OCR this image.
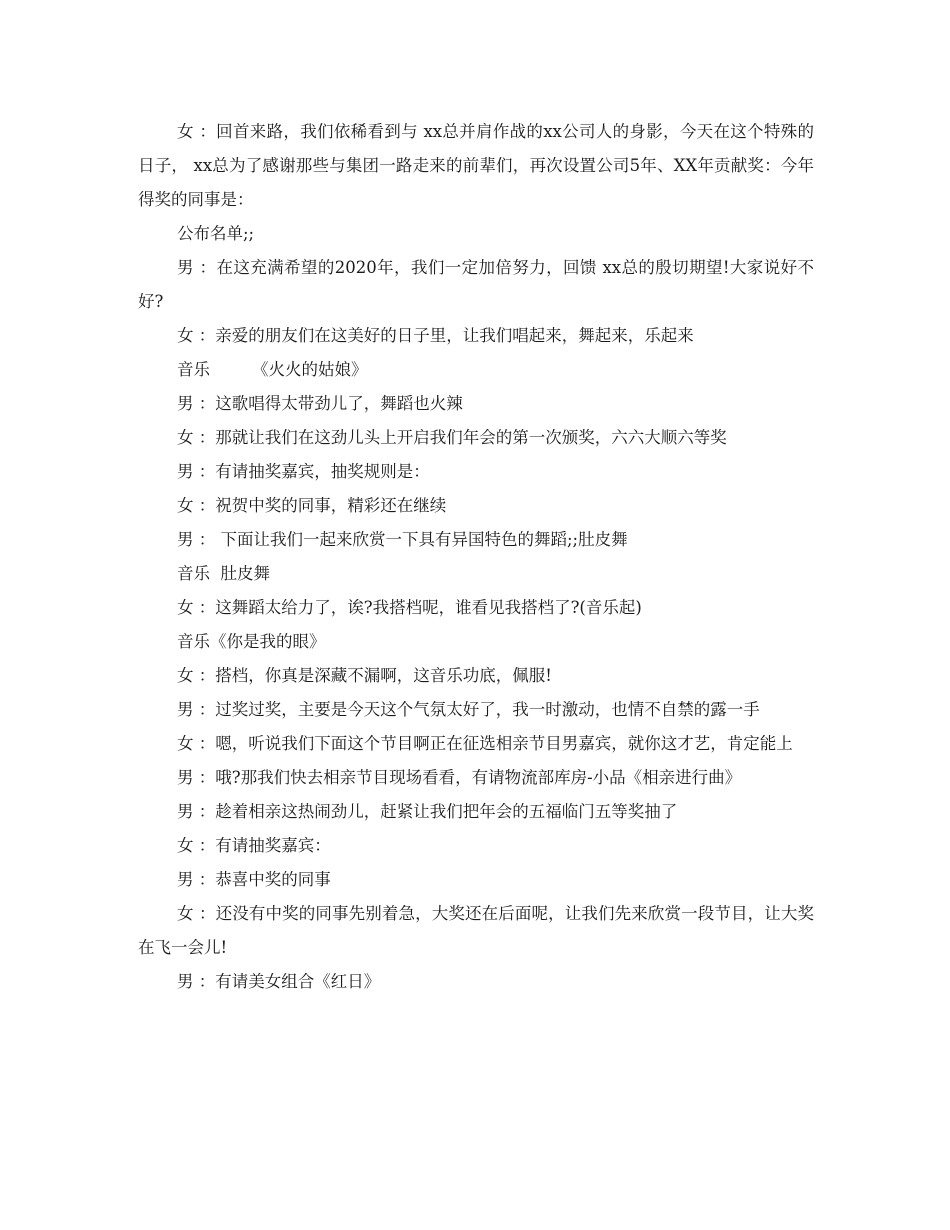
女 ：回首来路，我们依稀看到与 xx总并肩作战的xx公司人的身影，今天在这个特殊的日子， xx总为了感谢那些与集团一路走来的前辈们，再次设置公司5年、XX年贡献奖：今年得奖的同事是：

公布名单;;

男 ：在这充满希望的2020年，我们一定加倍努力，回馈 xx总的殷切期望!大家说好不好?

女 ：亲爱的朋友们在这美好的日子里，让我们唱起来，舞起来，乐起来

音乐        《火火的姑娘》

男 ：这歌唱得太带劲儿了，舞蹈也火辣

女 ：那就让我们在这劲儿头上开启我们年会的第一次颁奖，六六大顺六等奖

男 ：有请抽奖嘉宾，抽奖规则是：

女 ：祝贺中奖的同事，精彩还在继续

男 ： 下面让我们一起来欣赏一下具有异国特色的舞蹈;;肚皮舞

音乐  肚皮舞

女 ：这舞蹈太给力了，诶?我搭档呢，谁看见我搭档了?(音乐起)

音乐《你是我的眼》

女 ：搭档，你真是深藏不漏啊，这音乐功底，佩服!

男 ：过奖过奖，主要是今天这个气氛太好了，我一时激动，也情不自禁的露一手

女 ：嗯，听说我们下面这个节目啊正在征选相亲节目男嘉宾，就你这才艺，肯定能上

男 ：哦?那我们快去相亲节目现场看看，有请物流部库房-小品《相亲进行曲》

男 ：趁着相亲这热闹劲儿，赶紧让我们把年会的五福临门五等奖抽了

女 ：有请抽奖嘉宾：

男 ：恭喜中奖的同事

女 ：还没有中奖的同事先别着急，大奖还在后面呢，让我们先来欣赏一段节目，让大奖在飞一会儿!

男 ：有请美女组合《红日》
